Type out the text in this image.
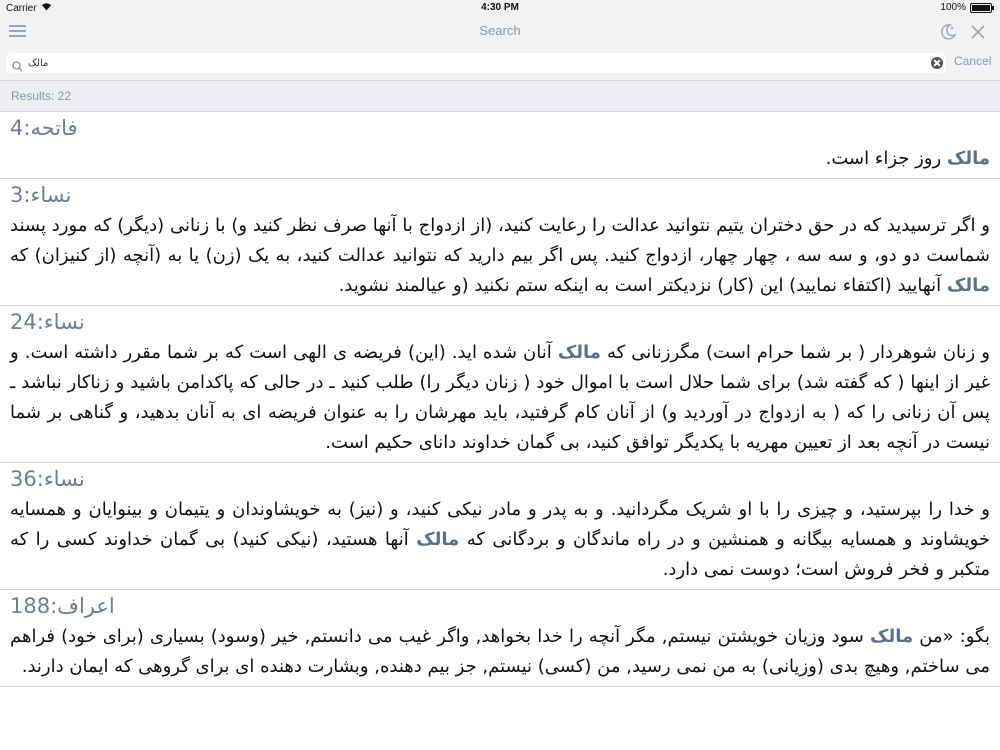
Carrier	4:30 PM	100%
Search
مالک
Cancel
Results: 22
فاتحه:4
مالک روز جزاء است.
نساء:3
و اگر ترسیدید که در حق دختران یتیم نتوانید عدالت را رعایت کنید، (از ازدواج با آنها صرف نظر کنید و) با زنانی (دیگر) که مورد پسند شماست دو دو، و سه سه ، چهار چهار، ازدواج کنید. پس اگر بیم دارید که نتوانید عدالت کنید، به یک (زن) یا به (آنچه (از کنیزان) که مالک آنهایید (اکتفاء نمایید) این (کار) نزدیکتر است به اینکه ستم نکنید (و عیالمند نشوید.
نساء:24
و زنان شوهردار ( بر شما حرام است) مگرزنانی که مالک آنان شده اید. (این) فریضه ی الهی است که بر شما مقرر داشته است. و غیر از اینها ( که گفته شد) برای شما حلال است با اموال خود ( زنان دیگر را) طلب کنید ـ در حالی که پاکدامن باشید و زناکار نباشد ـ پس آن زنانی را که ( به ازدواج در آوردید و) از آنان کام گرفتید، باید مهرشان را به عنوان فریضه ای به آنان بدهید، و گناهی بر شما نیست در آنچه بعد از تعیین مهریه با یکدیگر توافق کنید، بی گمان خداوند دانای حکیم است.
نساء:36
و خدا را بپرستید، و چیزی را با او شریک مگردانید. و به پدر و مادر نیکی کنید، و (نیز) به خویشاوندان و یتیمان و بینوایان و همسایه خویشاوند و همسایه بیگانه و همنشین و در راه ماندگان و بردگانی که مالک آنها هستید، (نیکی کنید) بی گمان خداوند کسی را که متکبر و فخر فروش است؛ دوست نمی دارد.
اعراف:188
بگو: «من مالک سود وزیان خویشتن نیستم, مگر آنچه را خدا بخواهد, واگر غیب می دانستم, خیر (وسود) بسیاری (برای خود) فراهم می ساختم, وهیچ بدی (وزیانی) به من نمی رسید, من (کسی) نیستم, جز بیم دهنده, وبشارت دهنده ای برای گروهی که ایمان دارند.
